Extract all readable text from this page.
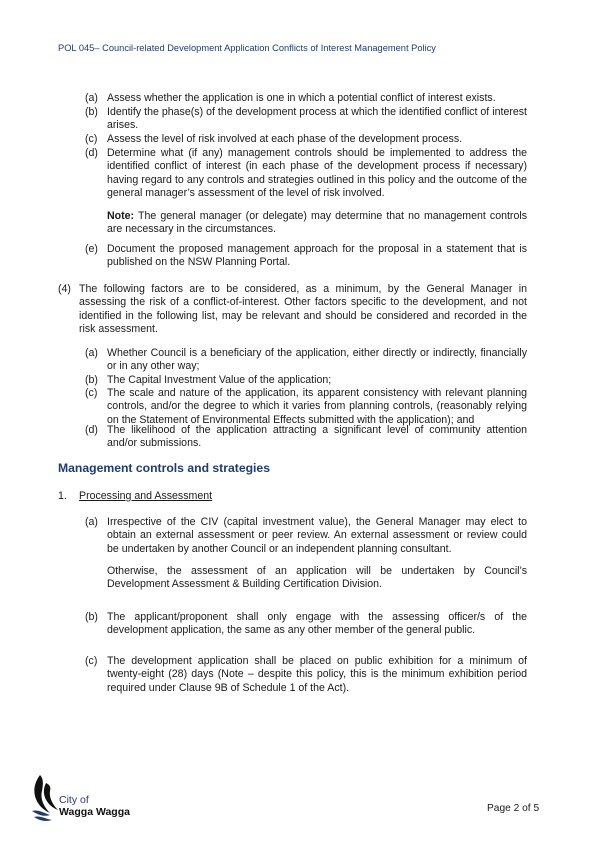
POL 045– Council-related Development Application Conflicts of Interest Management Policy
(a) Assess whether the application is one in which a potential conflict of interest exists.
(b) Identify the phase(s) of the development process at which the identified conflict of interest arises.
(c) Assess the level of risk involved at each phase of the development process.
(d) Determine what (if any) management controls should be implemented to address the identified conflict of interest (in each phase of the development process if necessary) having regard to any controls and strategies outlined in this policy and the outcome of the general manager’s assessment of the level of risk involved.
Note: The general manager (or delegate) may determine that no management controls are necessary in the circumstances.
(e) Document the proposed management approach for the proposal in a statement that is published on the NSW Planning Portal.
(4) The following factors are to be considered, as a minimum, by the General Manager in assessing the risk of a conflict-of-interest. Other factors specific to the development, and not identified in the following list, may be relevant and should be considered and recorded in the risk assessment.
(a) Whether Council is a beneficiary of the application, either directly or indirectly, financially or in any other way;
(b) The Capital Investment Value of the application;
(c) The scale and nature of the application, its apparent consistency with relevant planning controls, and/or the degree to which it varies from planning controls, (reasonably relying on the Statement of Environmental Effects submitted with the application); and
(d) The likelihood of the application attracting a significant level of community attention and/or submissions.
Management controls and strategies
1. Processing and Assessment
(a) Irrespective of the CIV (capital investment value), the General Manager may elect to obtain an external assessment or peer review. An external assessment or review could be undertaken by another Council or an independent planning consultant.
Otherwise, the assessment of an application will be undertaken by Council’s Development Assessment & Building Certification Division.
(b) The applicant/proponent shall only engage with the assessing officer/s of the development application, the same as any other member of the general public.
(c) The development application shall be placed on public exhibition for a minimum of twenty-eight (28) days (Note – despite this policy, this is the minimum exhibition period required under Clause 9B of Schedule 1 of the Act).
City of
Wagga Wagga	Page 2 of 5
